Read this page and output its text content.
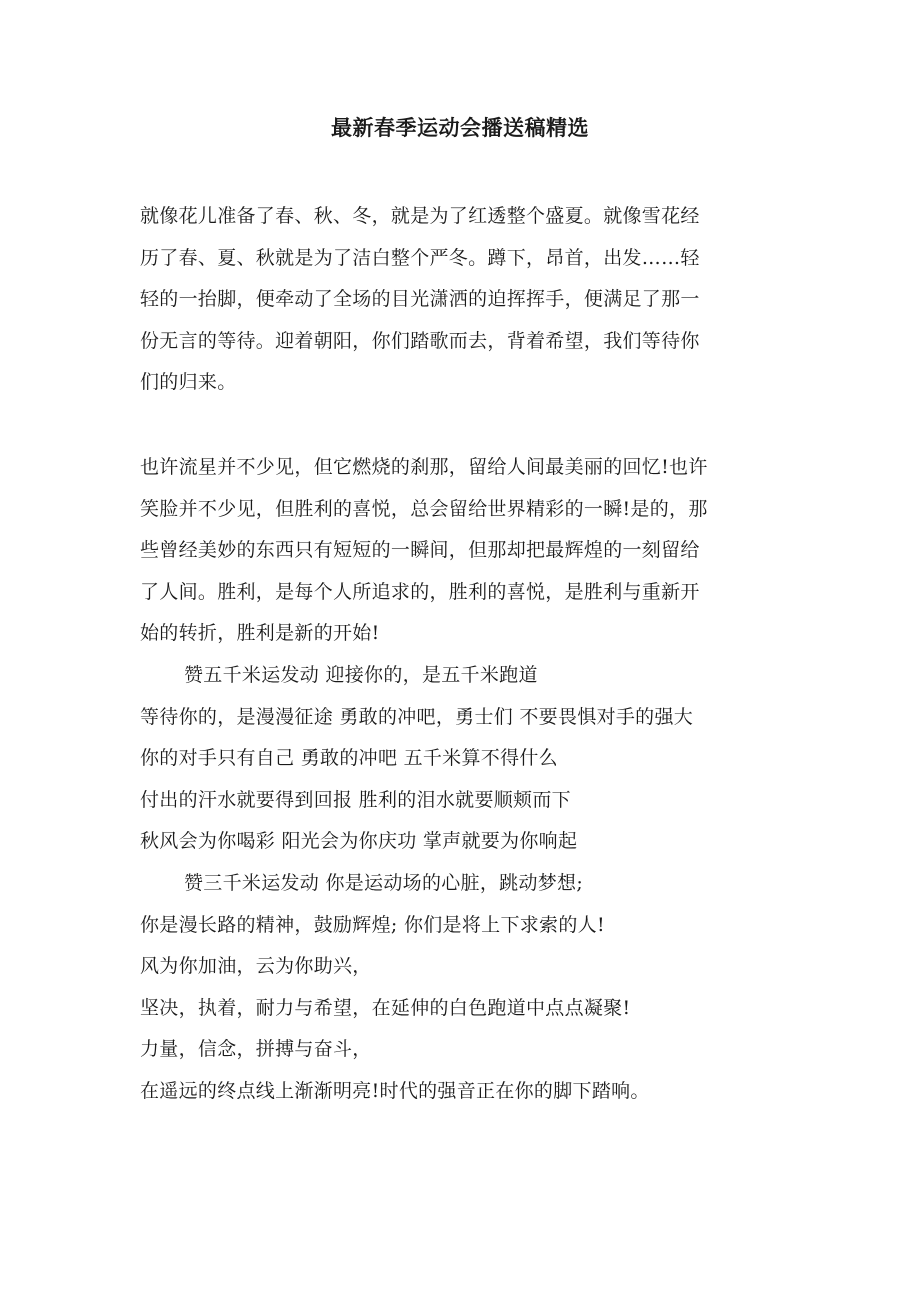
最新春季运动会播送稿精选

就像花儿准备了春、秋、冬，就是为了红透整个盛夏。就像雪花经
历了春、夏、秋就是为了洁白整个严冬。蹲下，昂首，出发……轻
轻的一抬脚，便牵动了全场的目光潇洒的迫挥挥手，便满足了那一
份无言的等待。迎着朝阳，你们踏歌而去，背着希望，我们等待你
们的归来。

也许流星并不少见，但它燃烧的刹那，留给人间最美丽的回忆!也许
笑脸并不少见，但胜利的喜悦，总会留给世界精彩的一瞬!是的，那
些曾经美妙的东西只有短短的一瞬间，但那却把最辉煌的一刻留给
了人间。胜利，是每个人所追求的，胜利的喜悦，是胜利与重新开
始的转折，胜利是新的开始!

赞五千米运发动 迎接你的，是五千米跑道
等待你的，是漫漫征途 勇敢的冲吧，勇士们 不要畏惧对手的强大
你的对手只有自己 勇敢的冲吧 五千米算不得什么
付出的汗水就要得到回报 胜利的泪水就要顺颊而下
秋风会为你喝彩 阳光会为你庆功 掌声就要为你响起

赞三千米运发动 你是运动场的心脏，跳动梦想;
你是漫长路的精神，鼓励辉煌; 你们是将上下求索的人!
风为你加油，云为你助兴，
坚决，执着，耐力与希望，在延伸的白色跑道中点点凝聚!
力量，信念，拼搏与奋斗，
在遥远的终点线上渐渐明亮!时代的强音正在你的脚下踏响。
